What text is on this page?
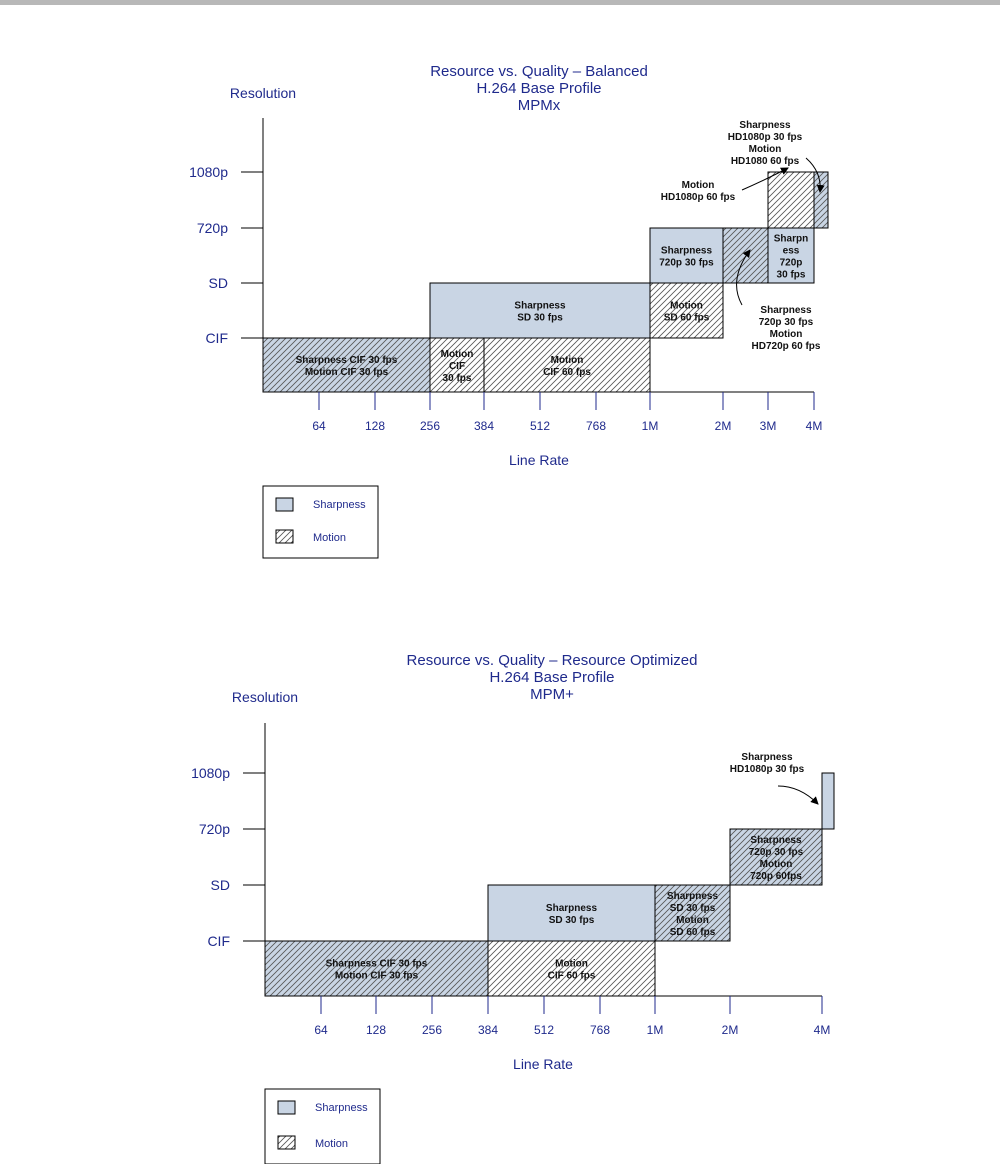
Resource vs. Quality – Balanced
H.264 Base Profile
MPMx
Resolution
Sharpness CIF 30 fps
Motion CIF 30 fps
Motion
CIF
30 fps
Motion
CIF 60 fps
Sharpness
SD 30 fps
Motion
SD 60 fps
Sharpness
720p 30 fps
Sharpn
ess
720p
30 fps
1080p
720p
SD
CIF
64	128	256	384	512	768	1M	2M 3M 4M
Line Rate
Sharpness
720p 30 fps
Motion
HD720p 60 fps
Motion
HD1080p 60 fps
Sharpness
HD1080p 30 fps
Motion
HD1080 60 fps
Sharpness
Motion
Resource vs. Quality – Resource Optimized
H.264 Base Profile
MPM+
Resolution
Sharpness CIF 30 fps
Motion CIF 30 fps
Motion
CIF 60 fps
Sharpness
SD 30 fps
Sharpness
SD 30 fps
Motion
SD 60 fps
Sharpness
720p 30 fps
Motion
720p 60fps
1080p
720p
SD
CIF
64	128	256	384	512	768	1M	2M	4M
Line Rate
Sharpness
HD1080p 30 fps
Sharpness
Motion
